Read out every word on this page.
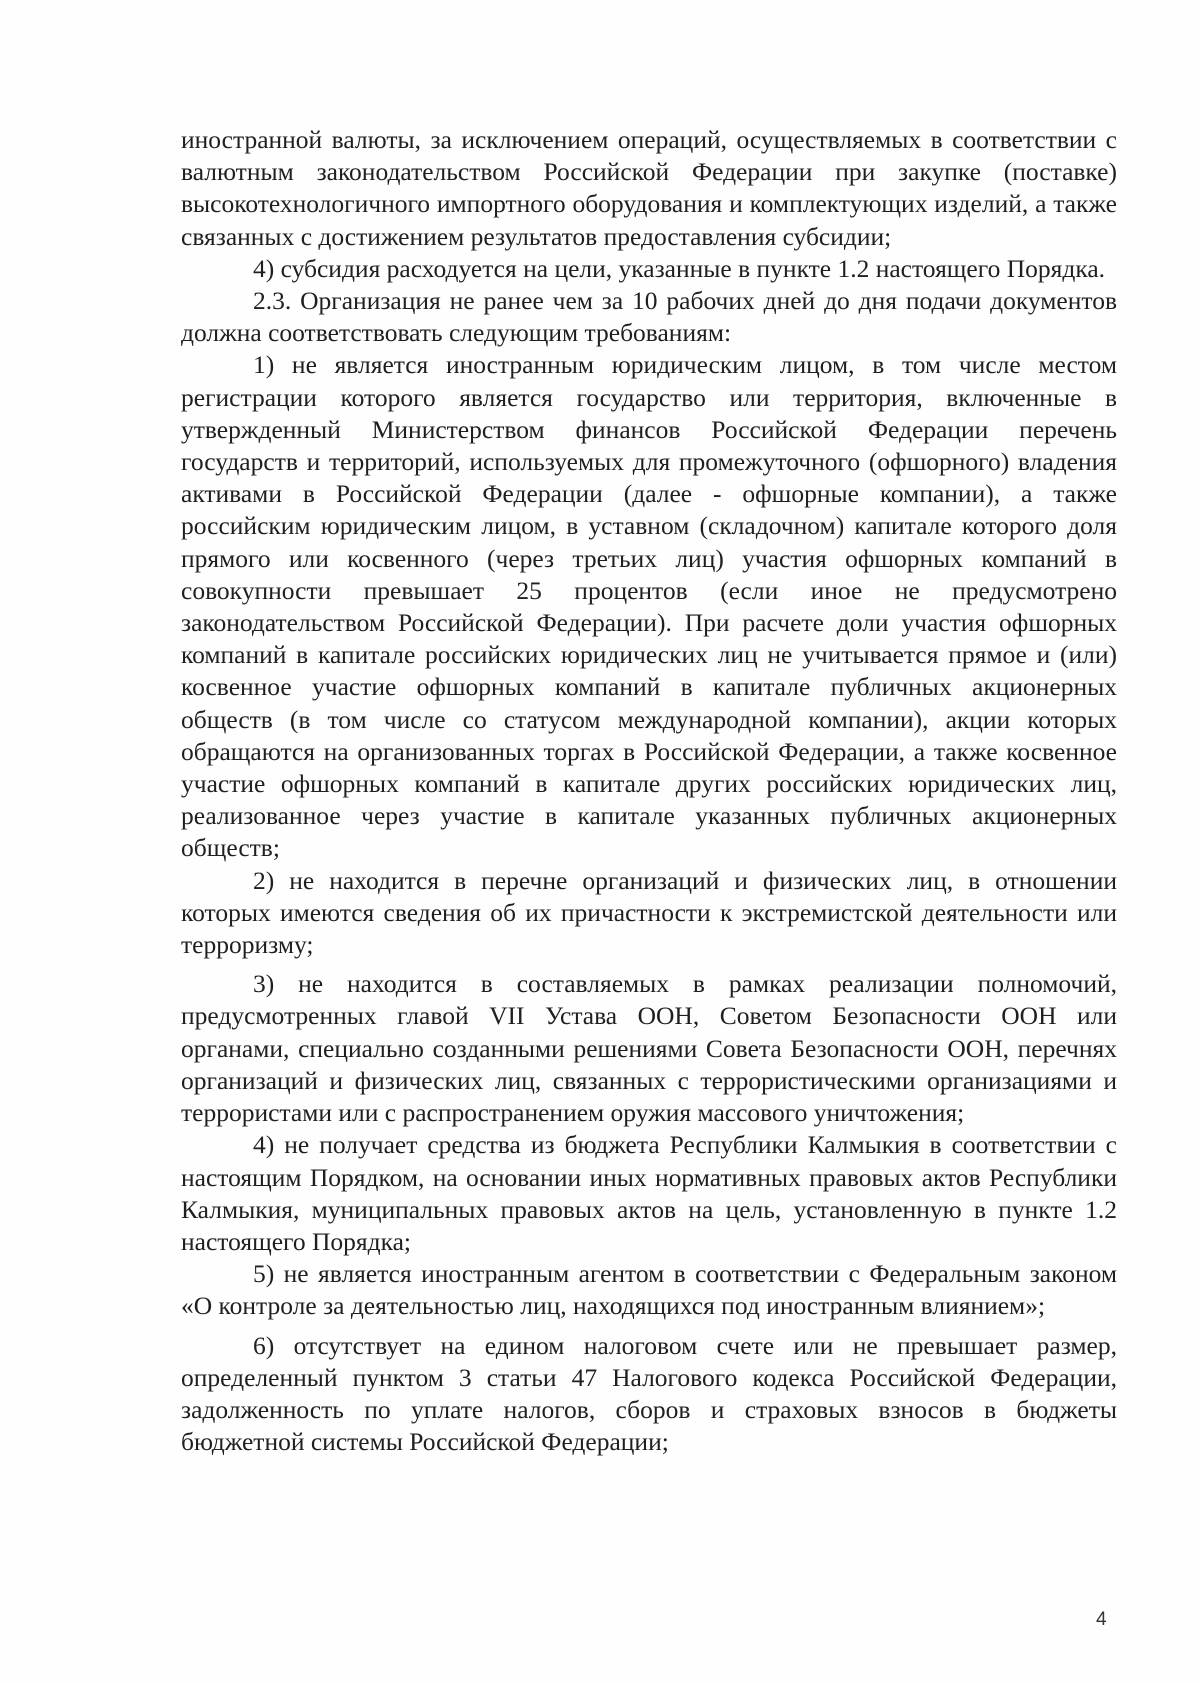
иностранной валюты, за исключением операций, осуществляемых в соответствии с валютным законодательством Российской Федерации при закупке (поставке) высокотехнологичного импортного оборудования и комплектующих изделий, а также связанных с достижением результатов предоставления субсидии;

4) субсидия расходуется на цели, указанные в пункте 1.2 настоящего Порядка.

2.3. Организация не ранее чем за 10 рабочих дней до дня подачи документов должна соответствовать следующим требованиям:

1) не является иностранным юридическим лицом, в том числе местом регистрации которого является государство или территория, включенные в утвержденный Министерством финансов Российской Федерации перечень государств и территорий, используемых для промежуточного (офшорного) владения активами в Российской Федерации (далее - офшорные компании), а также российским юридическим лицом, в уставном (складочном) капитале которого доля прямого или косвенного (через третьих лиц) участия офшорных компаний в совокупности превышает 25 процентов (если иное не предусмотрено законодательством Российской Федерации). При расчете доли участия офшорных компаний в капитале российских юридических лиц не учитывается прямое и (или) косвенное участие офшорных компаний в капитале публичных акционерных обществ (в том числе со статусом международной компании), акции которых обращаются на организованных торгах в Российской Федерации, а также косвенное участие офшорных компаний в капитале других российских юридических лиц, реализованное через участие в капитале указанных публичных акционерных обществ;

2) не находится в перечне организаций и физических лиц, в отношении которых имеются сведения об их причастности к экстремистской деятельности или терроризму;

3) не находится в составляемых в рамках реализации полномочий, предусмотренных главой VII Устава ООН, Советом Безопасности ООН или органами, специально созданными решениями Совета Безопасности ООН, перечнях организаций и физических лиц, связанных с террористическими организациями и террористами или с распространением оружия массового уничтожения;

4) не получает средства из бюджета Республики Калмыкия в соответствии с настоящим Порядком, на основании иных нормативных правовых актов Республики Калмыкия, муниципальных правовых актов на цель, установленную в пункте 1.2 настоящего Порядка;

5) не является иностранным агентом в соответствии с Федеральным законом «О контроле за деятельностью лиц, находящихся под иностранным влиянием»;

6) отсутствует на едином налоговом счете или не превышает размер, определенный пунктом 3 статьи 47 Налогового кодекса Российской Федерации, задолженность по уплате налогов, сборов и страховых взносов в бюджеты бюджетной системы Российской Федерации;

4
